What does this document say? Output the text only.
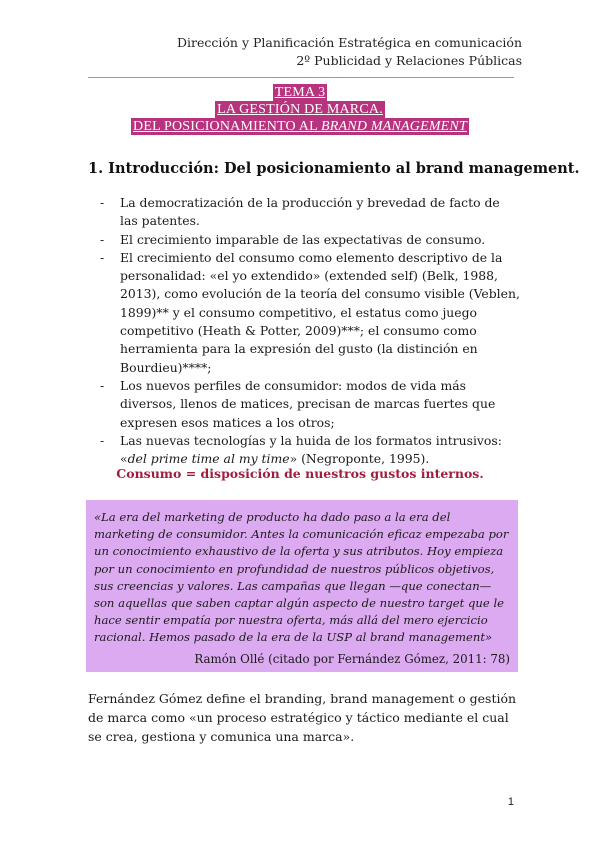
Dirección y Planificación Estratégica en comunicación
2º Publicidad y Relaciones Públicas
TEMA 3
LA GESTIÓN DE MARCA.
DEL POSICIONAMIENTO AL BRAND MANAGEMENT
1. Introducción: Del posicionamiento al brand management.
- La democratización de la producción y brevedad de facto de las patentes.
- El crecimiento imparable de las expectativas de consumo.
- El crecimiento del consumo como elemento descriptivo de la personalidad: «el yo extendido» (extended self) (Belk, 1988, 2013), como evolución de la teoría del consumo visible (Veblen, 1899)** y el consumo competitivo, el estatus como juego competitivo (Heath & Potter, 2009)***; el consumo como herramienta para la expresión del gusto (la distinción en Bourdieu)****;
- Los nuevos perfiles de consumidor: modos de vida más diversos, llenos de matices, precisan de marcas fuertes que expresen esos matices a los otros;
- Las nuevas tecnologías y la huida de los formatos intrusivos: «del prime time al my time» (Negroponte, 1995).
Consumo = disposición de nuestros gustos internos.
«La era del marketing de producto ha dado paso a la era del marketing de consumidor. Antes la comunicación eficaz empezaba por un conocimiento exhaustivo de la oferta y sus atributos. Hoy empieza por un conocimiento en profundidad de nuestros públicos objetivos, sus creencias y valores. Las campañas que llegan —que conectan— son aquellas que saben captar algún aspecto de nuestro target que le hace sentir empatía por nuestra oferta, más allá del mero ejercicio racional. Hemos pasado de la era de la USP al brand management»
Ramón Ollé (citado por Fernández Gómez, 2011: 78)
Fernández Gómez define el branding, brand management o gestión de marca como «un proceso estratégico y táctico mediante el cual se crea, gestiona y comunica una marca».
1
